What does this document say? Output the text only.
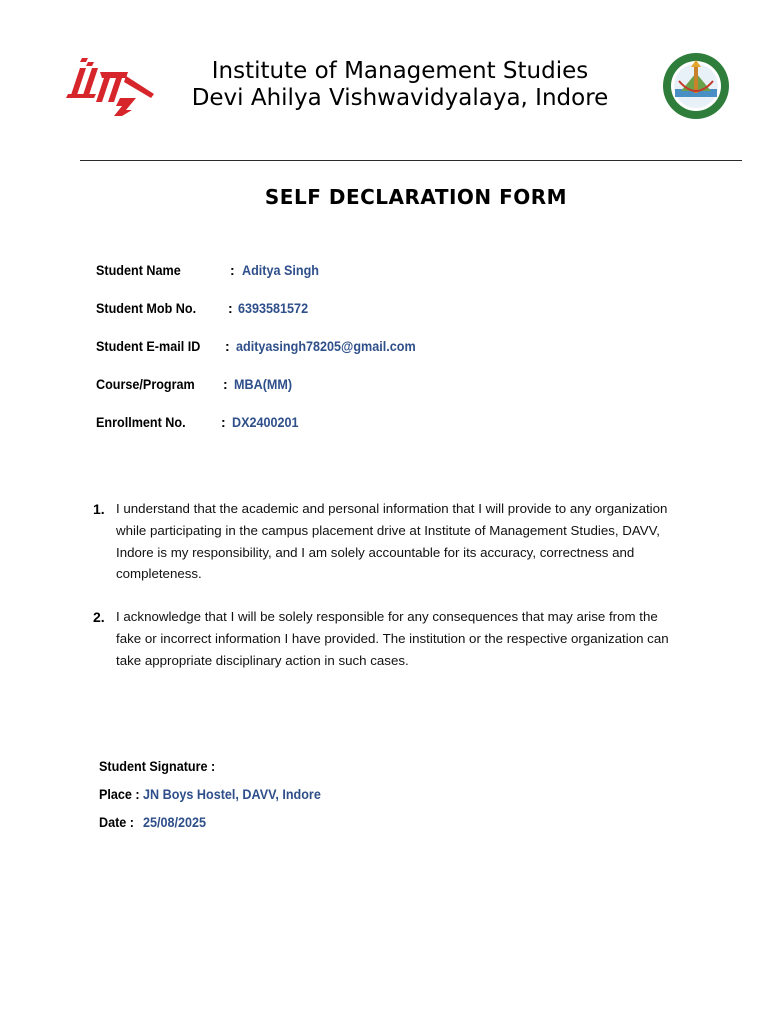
Institute of Management Studies
Devi Ahilya Vishwavidyalaya, Indore
SELF DECLARATION FORM
Student Name	: Aditya Singh
Student Mob No. : 6393581572
Student E-mail ID : adityasingh78205@gmail.com
Course/Program : MBA(MM)
Enrollment No.	: DX2400201
1. I understand that the academic and personal information that I will provide to any organization while participating in the campus placement drive at Institute of Management Studies, DAVV, Indore is my responsibility, and I am solely accountable for its accuracy, correctness and completeness.
2. I acknowledge that I will be solely responsible for any consequences that may arise from the fake or incorrect information I have provided. The institution or the respective organization can take appropriate disciplinary action in such cases.
Student Signature :
Place : JN Boys Hostel, DAVV, Indore
Date : 25/08/2025
